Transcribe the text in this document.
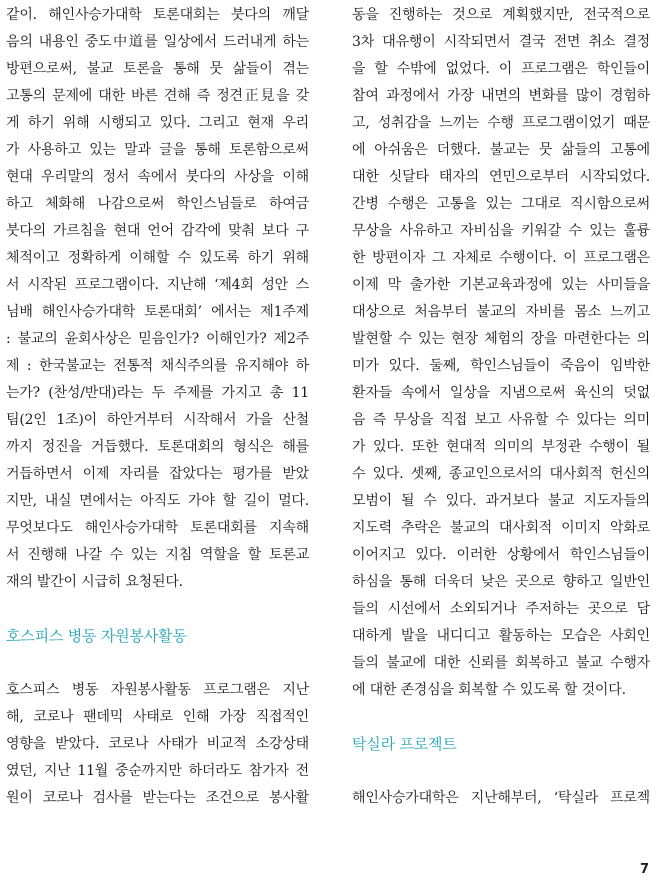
같이. 해인사승가대학 토론대회는 붓다의 깨달
음의 내용인 중도中道를 일상에서 드러내게 하는
방편으로써, 불교 토론을 통해 뭇 삶들이 겪는
고통의 문제에 대한 바른 견해 즉 정견正見을 갖
게 하기 위해 시행되고 있다. 그리고 현재 우리
가 사용하고 있는 말과 글을 통해 토론함으로써
현대 우리말의 정서 속에서 붓다의 사상을 이해
하고 체화해 나감으로써 학인스님들로 하여금
붓다의 가르침을 현대 언어 감각에 맞춰 보다 구
체적이고 정확하게 이해할 수 있도록 하기 위해
서 시작된 프로그램이다. 지난해 ‘제4회 성안 스
님배 해인사승가대학 토론대회’ 에서는 제1주제
: 불교의 윤회사상은 믿음인가? 이해인가? 제2주
제 : 한국불교는 전통적 채식주의를 유지해야 하
는가? (찬성/반대)라는 두 주제를 가지고 총 11
팀(2인 1조)이 하안거부터 시작해서 가을 산철
까지 정진을 거듭했다. 토론대회의 형식은 해를
거듭하면서 이제 자리를 잡았다는 평가를 받았
지만, 내실 면에서는 아직도 가야 할 길이 멀다.
무엇보다도 해인사승가대학 토론대회를 지속해
서 진행해 나갈 수 있는 지침 역할을 할 토론교
재의 발간이 시급히 요청된다.

호스피스 병동 자원봉사활동

호스피스 병동 자원봉사활동 프로그램은 지난
해, 코로나 팬데믹 사태로 인해 가장 직접적인
영향을 받았다. 코로나 사태가 비교적 소강상태
였던, 지난 11월 중순까지만 하더라도 참가자 전
원이 코로나 검사를 받는다는 조건으로 봉사활

동을 진행하는 것으로 계획했지만, 전국적으로
3차 대유행이 시작되면서 결국 전면 취소 결정
을 할 수밖에 없었다. 이 프로그램은 학인들이
참여 과정에서 가장 내면의 변화를 많이 경험하
고, 성취감을 느끼는 수행 프로그램이었기 때문
에 아쉬움은 더했다. 불교는 뭇 삶들의 고통에
대한 싯달타 태자의 연민으로부터 시작되었다.
간병 수행은 고통을 있는 그대로 직시함으로써
무상을 사유하고 자비심을 키워갈 수 있는 훌륭
한 방편이자 그 자체로 수행이다. 이 프로그램은
이제 막 출가한 기본교육과정에 있는 사미들을
대상으로 처음부터 불교의 자비를 몸소 느끼고
발현할 수 있는 현장 체험의 장을 마련한다는 의
미가 있다. 둘째, 학인스님들이 죽음이 임박한
환자들 속에서 일상을 지냄으로써 육신의 덧없
음 즉 무상을 직접 보고 사유할 수 있다는 의미
가 있다. 또한 현대적 의미의 부정관 수행이 될
수 있다. 셋째, 종교인으로서의 대사회적 헌신의
모범이 될 수 있다. 과거보다 불교 지도자들의
지도력 추락은 불교의 대사회적 이미지 악화로
이어지고 있다. 이러한 상황에서 학인스님들이
하심을 통해 더욱더 낮은 곳으로 향하고 일반인
들의 시선에서 소외되거나 주저하는 곳으로 담
대하게 발을 내디디고 활동하는 모습은 사회인
들의 불교에 대한 신뢰를 회복하고 불교 수행자
에 대한 존경심을 회복할 수 있도록 할 것이다.

탁실라 프로젝트

해인사승가대학은 지난해부터, ‘탁실라 프로젝

7
